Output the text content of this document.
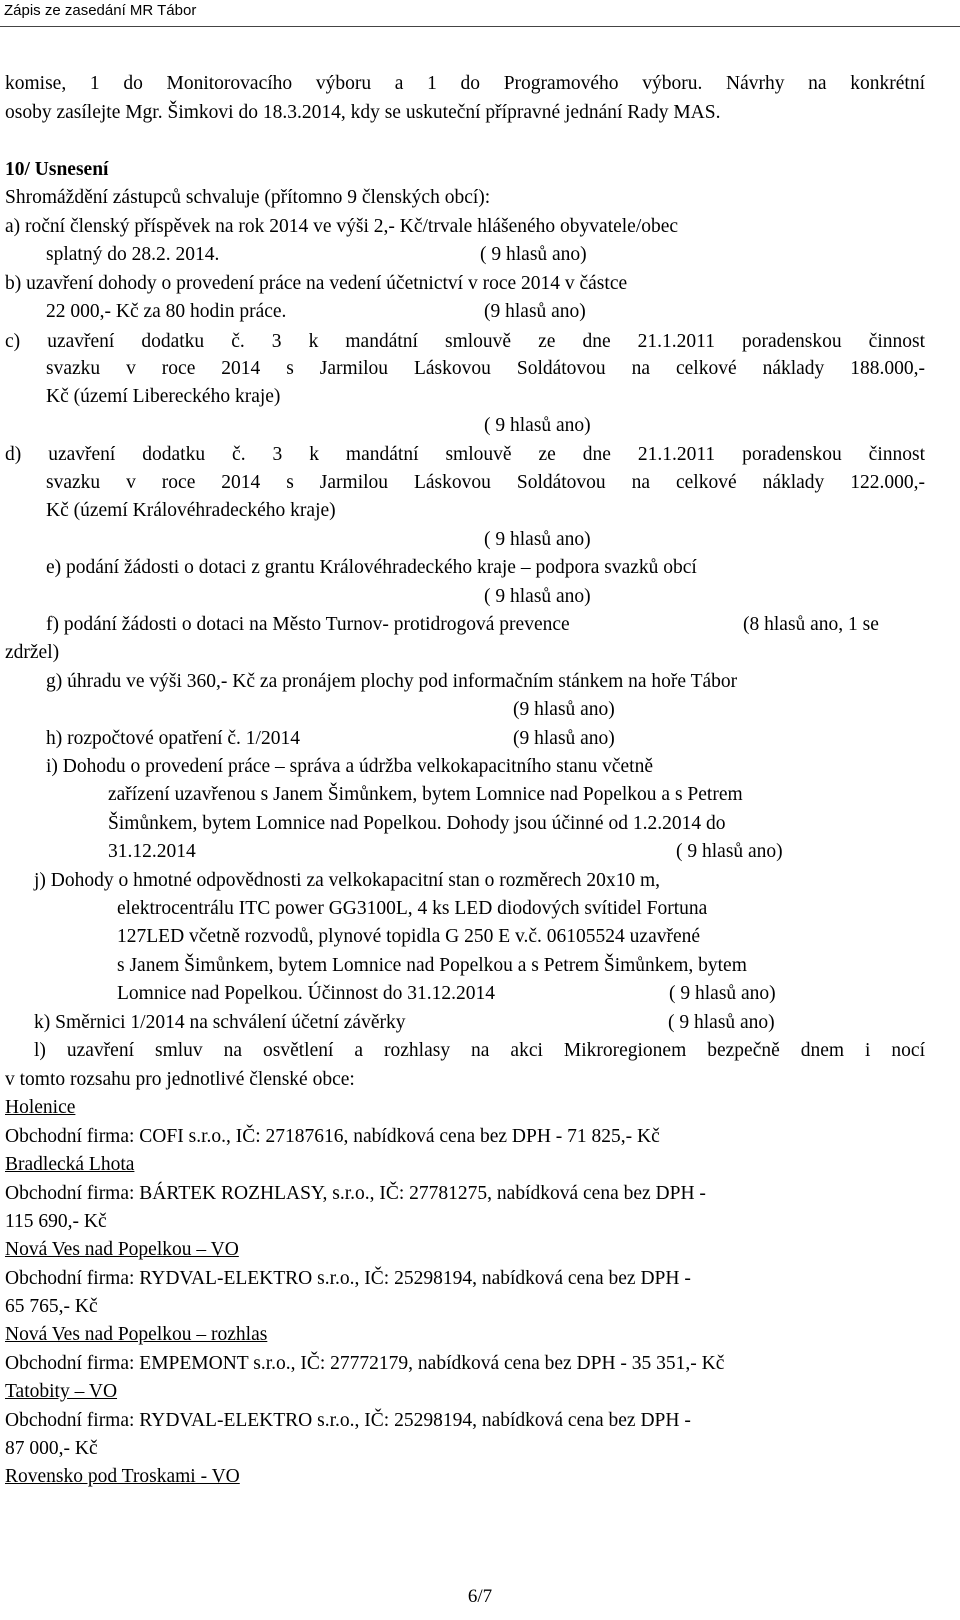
Zápis ze zasedání MR Tábor
komise, 1 do Monitorovacího výboru a 1 do Programového výboru. Návrhy na konkrétní
osoby zasílejte Mgr. Šimkovi do 18.3.2014, kdy se uskuteční přípravné jednání Rady MAS.
10/ Usnesení
Shromáždění zástupců schvaluje (přítomno 9 členských obcí):
a) roční členský příspěvek na rok 2014 ve výši 2,- Kč/trvale hlášeného obyvatele/obec
splatný do 28.2. 2014.	( 9 hlasů ano)
b) uzavření dohody o provedení práce na vedení účetnictví v roce 2014 v částce
22 000,- Kč za 80 hodin práce.	(9 hlasů ano)
c) uzavření dodatku č. 3 k mandátní smlouvě ze dne 21.1.2011 poradenskou činnost
svazku v roce 2014 s Jarmilou Láskovou Soldátovou na celkové náklady 188.000,-
Kč (území Libereckého kraje)
( 9 hlasů ano)
d) uzavření dodatku č. 3 k mandátní smlouvě ze dne 21.1.2011 poradenskou činnost
svazku v roce 2014 s Jarmilou Láskovou Soldátovou na celkové náklady 122.000,-
Kč (území Královéhradeckého kraje)
( 9 hlasů ano)
e) podání žádosti o dotaci z grantu Královéhradeckého kraje – podpora svazků obcí
( 9 hlasů ano)
f) podání žádosti o dotaci na Město Turnov- protidrogová prevence	(8 hlasů ano, 1 se
zdržel)
g) úhradu ve výši 360,- Kč za pronájem plochy pod informačním stánkem na hoře Tábor
(9 hlasů ano)
h) rozpočtové opatření č. 1/2014	(9 hlasů ano)
i) Dohodu o provedení práce – správa a údržba velkokapacitního stanu včetně
zařízení uzavřenou s Janem Šimůnkem, bytem Lomnice nad Popelkou a s Petrem
Šimůnkem, bytem Lomnice nad Popelkou. Dohody jsou účinné od 1.2.2014 do
31.12.2014	( 9 hlasů ano)
j) Dohody o hmotné odpovědnosti za velkokapacitní stan o rozměrech 20x10 m,
elektrocentrálu ITC power GG3100L, 4 ks LED diodových svítidel Fortuna
127LED včetně rozvodů, plynové topidla G 250 E v.č. 06105524 uzavřené
s Janem Šimůnkem, bytem Lomnice nad Popelkou a s Petrem Šimůnkem, bytem
Lomnice nad Popelkou. Účinnost do 31.12.2014	( 9 hlasů ano)
k) Směrnici 1/2014 na schválení účetní závěrky	( 9 hlasů ano)
l) uzavření smluv na osvětlení a rozhlasy na akci Mikroregionem bezpečně dnem i nocí
v tomto rozsahu pro jednotlivé členské obce:
Holenice
Obchodní firma: COFI s.r.o., IČ: 27187616, nabídková cena bez DPH - 71 825,- Kč
Bradlecká Lhota
Obchodní firma: BÁRTEK ROZHLASY, s.r.o., IČ: 27781275, nabídková cena bez DPH -
115 690,- Kč
Nová Ves nad Popelkou – VO
Obchodní firma: RYDVAL-ELEKTRO s.r.o., IČ: 25298194, nabídková cena bez DPH -
65 765,- Kč
Nová Ves nad Popelkou – rozhlas
Obchodní firma: EMPEMONT s.r.o., IČ: 27772179, nabídková cena bez DPH - 35 351,- Kč
Tatobity – VO
Obchodní firma: RYDVAL-ELEKTRO s.r.o., IČ: 25298194, nabídková cena bez DPH -
87 000,- Kč
Rovensko pod Troskami - VO
6/7
